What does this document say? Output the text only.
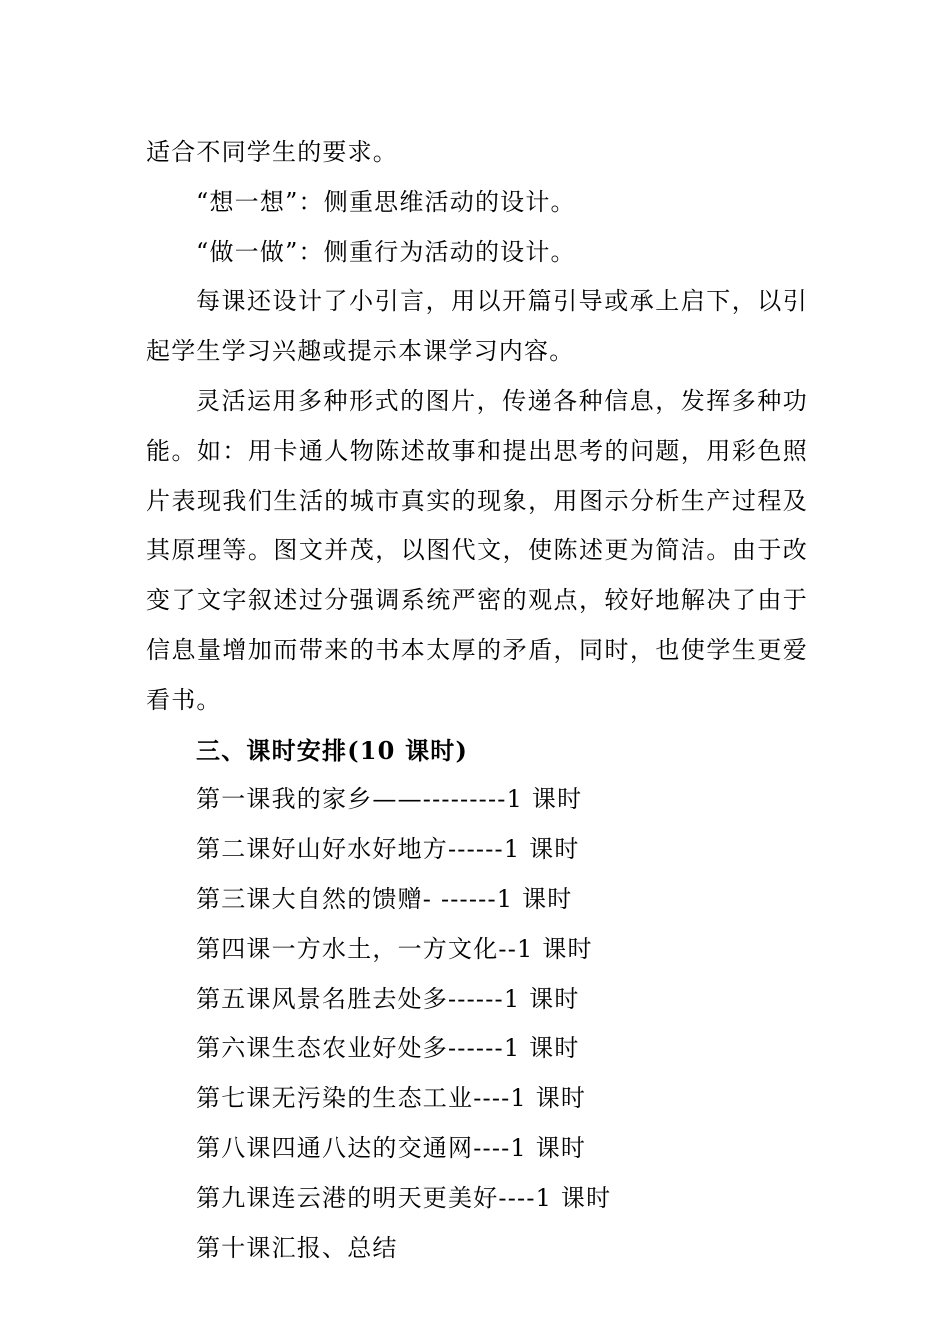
适合不同学生的要求。

“想一想”：侧重思维活动的设计。

“做一做”：侧重行为活动的设计。

每课还设计了小引言，用以开篇引导或承上启下，以引起学生学习兴趣或提示本课学习内容。

灵活运用多种形式的图片，传递各种信息，发挥多种功能。如：用卡通人物陈述故事和提出思考的问题，用彩色照片表现我们生活的城市真实的现象，用图示分析生产过程及其原理等。图文并茂，以图代文，使陈述更为简洁。由于改变了文字叙述过分强调系统严密的观点，较好地解决了由于信息量增加而带来的书本太厚的矛盾，同时，也使学生更爱看书。

三、课时安排(10 课时)

第一课我的家乡——---------1 课时

第二课好山好水好地方------1 课时

第三课大自然的馈赠- ------1 课时

第四课一方水土，一方文化--1 课时

第五课风景名胜去处多------1 课时

第六课生态农业好处多------1 课时

第七课无污染的生态工业----1 课时

第八课四通八达的交通网----1 课时

第九课连云港的明天更美好----1 课时

第十课汇报、总结
